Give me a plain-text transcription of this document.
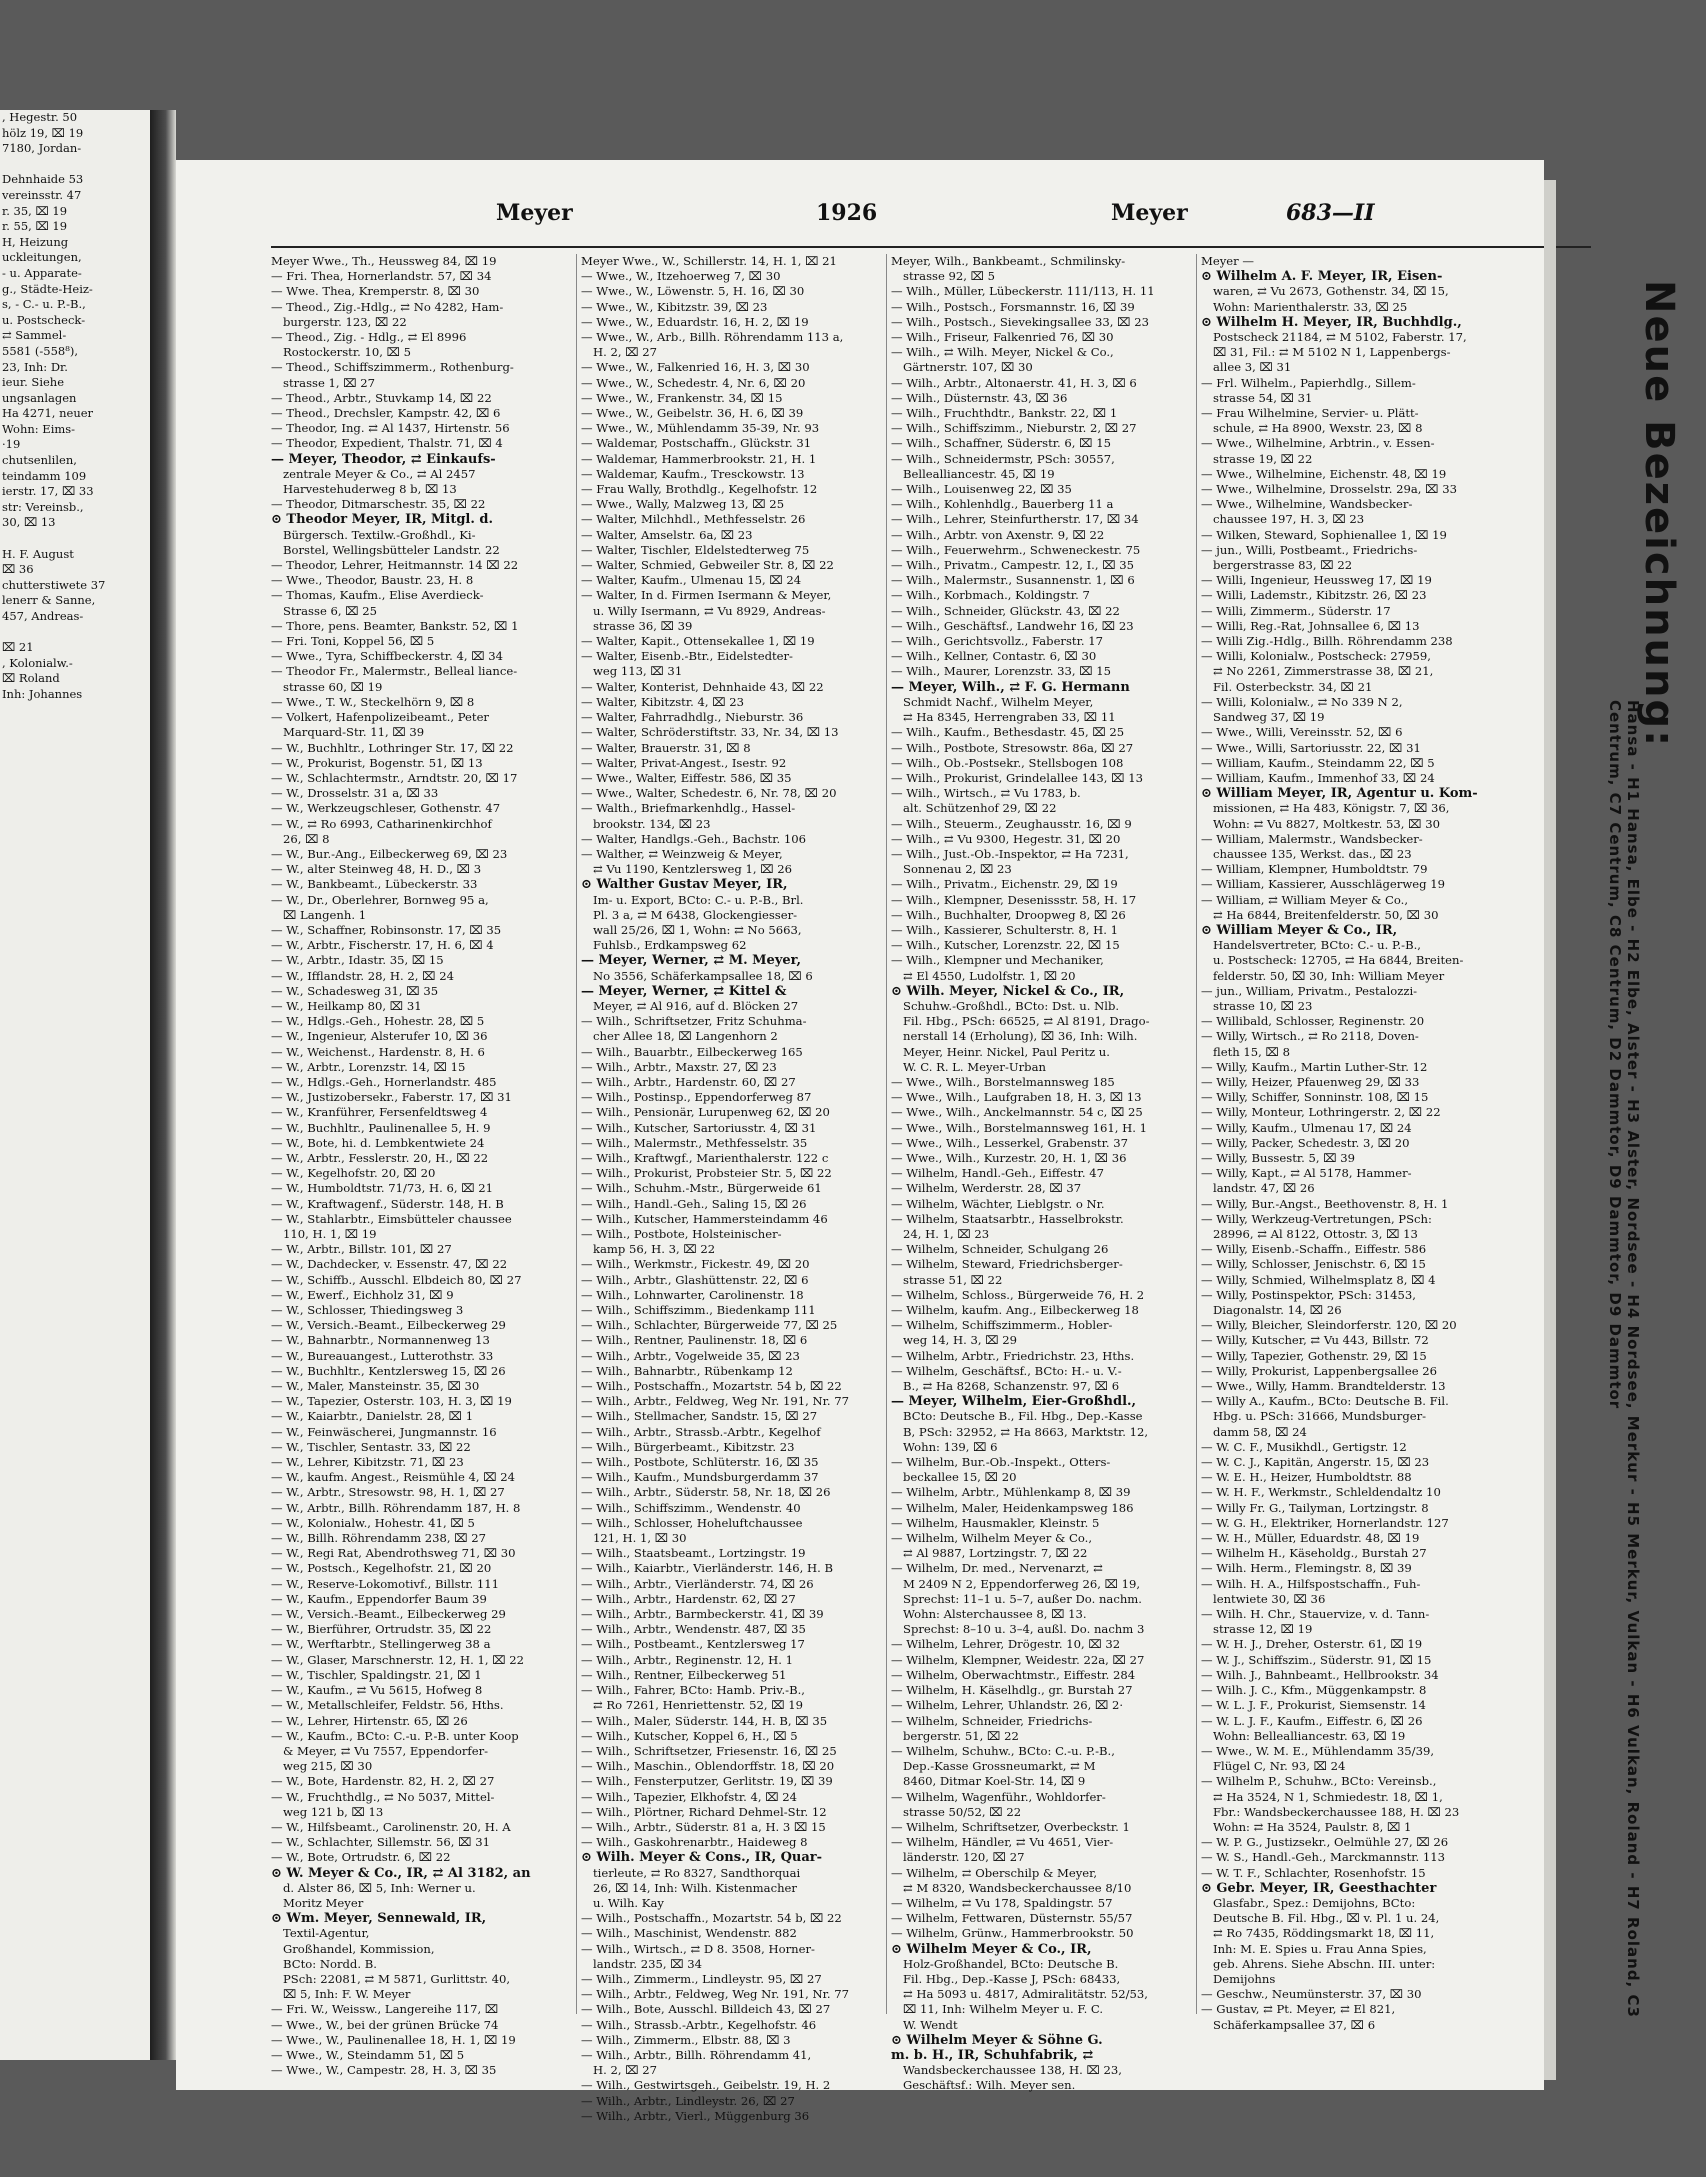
, Hegestr. 50
hölz 19, ⌧ 19
7180, Jordan-

Dehnhaide 53
vereinsstr. 47
r. 35, ⌧ 19
r. 55, ⌧ 19
H, Heizung
uckleitungen,
- u. Apparate-
g., Städte-Heiz-
s, - C.- u. P.-B.,
u. Postscheck-
⇄ Sammel-
5581 (-558⁸),
23, Inh: Dr.
ieur. Siehe
ungsanlagen
Ha 4271, neuer
Wohn: Eims-
·19
chutsenlilen,
teindamm 109
ierstr. 17, ⌧ 33
str: Vereinsb.,
30, ⌧ 13

H. F. August
⌧ 36
chutterstiwete 37
lenerr & Sanne,
457, Andreas-

⌧ 21
, Kolonialw.-
⌧ Roland
Inh: Johannes
Meyer	1926	Meyer	683—II
Meyer Wwe., Th., Heussweg 84, ⌧ 19
— Fri. Thea, Hornerlandstr. 57, ⌧ 34
— Wwe. Thea, Kremperstr. 8, ⌧ 30
— Theod., Zig.-Hdlg., ⇄ No 4282, Ham-
burgerstr. 123, ⌧ 22
— Theod., Zig. - Hdlg., ⇄ El 8996
Rostockerstr. 10, ⌧ 5
— Theod., Schiffszimmerm., Rothenburg-
strasse 1, ⌧ 27
— Theod., Arbtr., Stuvkamp 14, ⌧ 22
— Theod., Drechsler, Kampstr. 42, ⌧ 6
— Theodor, Ing. ⇄ Al 1437, Hirtenstr. 56
— Theodor, Expedient, Thalstr. 71, ⌧ 4
— Meyer, Theodor, ⇄ Einkaufs-
zentrale Meyer & Co., ⇄ Al 2457
Harvestehuderweg 8 b, ⌧ 13
— Theodor, Ditmarschestr. 35, ⌧ 22
⊙ Theodor Meyer, IR, Mitgl. d.
Bürgersch. Textilw.-Großhdl., Ki-
Borstel, Wellingsbütteler Landstr. 22
— Theodor, Lehrer, Heitmannstr. 14 ⌧ 22
— Wwe., Theodor, Baustr. 23, H. 8
— Thomas, Kaufm., Elise Averdieck-
Strasse 6, ⌧ 25
— Thore, pens. Beamter, Bankstr. 52, ⌧ 1
— Fri. Toni, Koppel 56, ⌧ 5
— Wwe., Tyra, Schiffbeckerstr. 4, ⌧ 34
— Theodor Fr., Malermstr., Belleal liance-
strasse 60, ⌧ 19
— Wwe., T. W., Steckelhörn 9, ⌧ 8
— Volkert, Hafenpolizeibeamt., Peter
Marquard-Str. 11, ⌧ 39
— W., Buchhltr., Lothringer Str. 17, ⌧ 22
— W., Prokurist, Bogenstr. 51, ⌧ 13
— W., Schlachtermstr., Arndtstr. 20, ⌧ 17
— W., Drosselstr. 31 a, ⌧ 33
— W., Werkzeugschleser, Gothenstr. 47
— W., ⇄ Ro 6993, Catharinenkirchhof
26, ⌧ 8
— W., Bur.-Ang., Eilbeckerweg 69, ⌧ 23
— W., alter Steinweg 48, H. D., ⌧ 3
— W., Bankbeamt., Lübeckerstr. 33
— W., Dr., Oberlehrer, Bornweg 95 a,
⌧ Langenh. 1
— W., Schaffner, Robinsonstr. 17, ⌧ 35
— W., Arbtr., Fischerstr. 17, H. 6, ⌧ 4
— W., Arbtr., Idastr. 35, ⌧ 15
— W., Ifflandstr. 28, H. 2, ⌧ 24
— W., Schadesweg 31, ⌧ 35
— W., Heilkamp 80, ⌧ 31
— W., Hdlgs.-Geh., Hohestr. 28, ⌧ 5
— W., Ingenieur, Alsterufer 10, ⌧ 36
— W., Weichenst., Hardenstr. 8, H. 6
— W., Arbtr., Lorenzstr. 14, ⌧ 15
— W., Hdlgs.-Geh., Hornerlandstr. 485
— W., Justizobersekr., Faberstr. 17, ⌧ 31
— W., Kranführer, Fersenfeldtsweg 4
— W., Buchhltr., Paulinenallee 5, H. 9
— W., Bote, hi. d. Lembkentwiete 24
— W., Arbtr., Fesslerstr. 20, H., ⌧ 22
— W., Kegelhofstr. 20, ⌧ 20
— W., Humboldtstr. 71/73, H. 6, ⌧ 21
— W., Kraftwagenf., Süderstr. 148, H. B
— W., Stahlarbtr., Eimsbütteler chaussee
110, H. 1, ⌧ 19
— W., Arbtr., Billstr. 101, ⌧ 27
— W., Dachdecker, v. Essenstr. 47, ⌧ 22
— W., Schiffb., Ausschl. Elbdeich 80, ⌧ 27
— W., Ewerf., Eichholz 31, ⌧ 9
— W., Schlosser, Thiedingsweg 3
— W., Versich.-Beamt., Eilbeckerweg 29
— W., Bahnarbtr., Normannenweg 13
— W., Bureauangest., Lutterothstr. 33
— W., Buchhltr., Kentzlersweg 15, ⌧ 26
— W., Maler, Mansteinstr. 35, ⌧ 30
— W., Tapezier, Osterstr. 103, H. 3, ⌧ 19
— W., Kaiarbtr., Danielstr. 28, ⌧ 1
— W., Feinwäscherei, Jungmannstr. 16
— W., Tischler, Sentastr. 33, ⌧ 22
— W., Lehrer, Kibitzstr. 71, ⌧ 23
— W., kaufm. Angest., Reismühle 4, ⌧ 24
— W., Arbtr., Stresowstr. 98, H. 1, ⌧ 27
— W., Arbtr., Billh. Röhrendamm 187, H. 8
— W., Kolonialw., Hohestr. 41, ⌧ 5
— W., Billh. Röhrendamm 238, ⌧ 27
— W., Regi Rat, Abendrothsweg 71, ⌧ 30
— W., Postsch., Kegelhofstr. 21, ⌧ 20
— W., Reserve-Lokomotivf., Billstr. 111
— W., Kaufm., Eppendorfer Baum 39
— W., Versich.-Beamt., Eilbeckerweg 29
— W., Bierführer, Ortrudstr. 35, ⌧ 22
— W., Werftarbtr., Stellingerweg 38 a
— W., Glaser, Marschnerstr. 12, H. 1, ⌧ 22
— W., Tischler, Spaldingstr. 21, ⌧ 1
— W., Kaufm., ⇄ Vu 5615, Hofweg 8
— W., Metallschleifer, Feldstr. 56, Hths.
— W., Lehrer, Hirtenstr. 65, ⌧ 26
— W., Kaufm., BCto: C.-u. P.-B. unter Koop
& Meyer, ⇄ Vu 7557, Eppendorfer-
weg 215, ⌧ 30
— W., Bote, Hardenstr. 82, H. 2, ⌧ 27
— W., Fruchthdlg., ⇄ No 5037, Mittel-
weg 121 b, ⌧ 13
— W., Hilfsbeamt., Carolinenstr. 20, H. A
— W., Schlachter, Sillemstr. 56, ⌧ 31
— W., Bote, Ortrudstr. 6, ⌧ 22
⊙ W. Meyer & Co., IR, ⇄ Al 3182, an
d. Alster 86, ⌧ 5, Inh: Werner u.
Moritz Meyer
⊙ Wm. Meyer, Sennewald, IR,
Textil-Agentur,
Großhandel, Kommission,
BCto: Nordd. B.
PSch: 22081, ⇄ M 5871, Gurlittstr. 40,
⌧ 5, Inh: F. W. Meyer
— Fri. W., Weissw., Langereihe 117, ⌧
— Wwe., W., bei der grünen Brücke 74
— Wwe., W., Paulinenallee 18, H. 1, ⌧ 19
— Wwe., W., Steindamm 51, ⌧ 5
— Wwe., W., Campestr. 28, H. 3, ⌧ 35
Meyer Wwe., W., Schillerstr. 14, H. 1, ⌧ 21
— Wwe., W., Itzehoerweg 7, ⌧ 30
— Wwe., W., Löwenstr. 5, H. 16, ⌧ 30
— Wwe., W., Kibitzstr. 39, ⌧ 23
— Wwe., W., Eduardstr. 16, H. 2, ⌧ 19
— Wwe., W., Arb., Billh. Röhrendamm 113 a,
H. 2, ⌧ 27
— Wwe., W., Falkenried 16, H. 3, ⌧ 30
— Wwe., W., Schedestr. 4, Nr. 6, ⌧ 20
— Wwe., W., Frankenstr. 34, ⌧ 15
— Wwe., W., Geibelstr. 36, H. 6, ⌧ 39
— Wwe., W., Mühlendamm 35-39, Nr. 93
— Waldemar, Postschaffn., Glückstr. 31
— Waldemar, Hammerbrookstr. 21, H. 1
— Waldemar, Kaufm., Tresckowstr. 13
— Frau Wally, Brothdlg., Kegelhofstr. 12
— Wwe., Wally, Malzweg 13, ⌧ 25
— Walter, Milchhdl., Methfesselstr. 26
— Walter, Amselstr. 6a, ⌧ 23
— Walter, Tischler, Eldelstedterweg 75
— Walter, Schmied, Gebweiler Str. 8, ⌧ 22
— Walter, Kaufm., Ulmenau 15, ⌧ 24
— Walter, In d. Firmen Isermann & Meyer,
u. Willy Isermann, ⇄ Vu 8929, Andreas-
strasse 36, ⌧ 39
— Walter, Kapit., Ottensekallee 1, ⌧ 19
— Walter, Eisenb.-Btr., Eidelstedter-
weg 113, ⌧ 31
— Walter, Konterist, Dehnhaide 43, ⌧ 22
— Walter, Kibitzstr. 4, ⌧ 23
— Walter, Fahrradhdlg., Nieburstr. 36
— Walter, Schröderstiftstr. 33, Nr. 34, ⌧ 13
— Walter, Brauerstr. 31, ⌧ 8
— Walter, Privat-Angest., Isestr. 92
— Wwe., Walter, Eiffestr. 586, ⌧ 35
— Wwe., Walter, Schedestr. 6, Nr. 78, ⌧ 20
— Walth., Briefmarkenhdlg., Hassel-
brookstr. 134, ⌧ 23
— Walter, Handlgs.-Geh., Bachstr. 106
— Walther, ⇄ Weinzweig & Meyer,
⇄ Vu 1190, Kentzlersweg 1, ⌧ 26
⊙ Walther Gustav Meyer, IR,
Im- u. Export, BCto: C.- u. P.-B., Brl.
Pl. 3 a, ⇄ M 6438, Glockengiesser-
wall 25/26, ⌧ 1, Wohn: ⇄ No 5663,
Fuhlsb., Erdkampsweg 62
— Meyer, Werner, ⇄ M. Meyer,
No 3556, Schäferkampsallee 18, ⌧ 6
— Meyer, Werner, ⇄ Kittel &
Meyer, ⇄ Al 916, auf d. Blöcken 27
— Wilh., Schriftsetzer, Fritz Schuhma-
cher Allee 18, ⌧ Langenhorn 2
— Wilh., Bauarbtr., Eilbeckerweg 165
— Wilh., Arbtr., Maxstr. 27, ⌧ 23
— Wilh., Arbtr., Hardenstr. 60, ⌧ 27
— Wilh., Postinsp., Eppendorferweg 87
— Wilh., Pensionär, Lurupenweg 62, ⌧ 20
— Wilh., Kutscher, Sartoriusstr. 4, ⌧ 31
— Wilh., Malermstr., Methfesselstr. 35
— Wilh., Kraftwgf., Marienthalerstr. 122 c
— Wilh., Prokurist, Probsteier Str. 5, ⌧ 22
— Wilh., Schuhm.-Mstr., Bürgerweide 61
— Wilh., Handl.-Geh., Saling 15, ⌧ 26
— Wilh., Kutscher, Hammersteindamm 46
— Wilh., Postbote, Holsteinischer-
kamp 56, H. 3, ⌧ 22
— Wilh., Werkmstr., Fickestr. 49, ⌧ 20
— Wilh., Arbtr., Glashüttenstr. 22, ⌧ 6
— Wilh., Lohnwarter, Carolinenstr. 18
— Wilh., Schiffszimm., Biedenkamp 111
— Wilh., Schlachter, Bürgerweide 77, ⌧ 25
— Wilh., Rentner, Paulinenstr. 18, ⌧ 6
— Wilh., Arbtr., Vogelweide 35, ⌧ 23
— Wilh., Bahnarbtr., Rübenkamp 12
— Wilh., Postschaffn., Mozartstr. 54 b, ⌧ 22
— Wilh., Arbtr., Feldweg, Weg Nr. 191, Nr. 77
— Wilh., Stellmacher, Sandstr. 15, ⌧ 27
— Wilh., Arbtr., Strassb.-Arbtr., Kegelhof
— Wilh., Bürgerbeamt., Kibitzstr. 23
— Wilh., Postbote, Schlüterstr. 16, ⌧ 35
— Wilh., Kaufm., Mundsburgerdamm 37
— Wilh., Arbtr., Süderstr. 58, Nr. 18, ⌧ 26
— Wilh., Schiffszimm., Wendenstr. 40
— Wilh., Schlosser, Hoheluftchaussee
121, H. 1, ⌧ 30
— Wilh., Staatsbeamt., Lortzingstr. 19
— Wilh., Kaiarbtr., Vierländerstr. 146, H. B
— Wilh., Arbtr., Vierländerstr. 74, ⌧ 26
— Wilh., Arbtr., Hardenstr. 62, ⌧ 27
— Wilh., Arbtr., Barmbeckerstr. 41, ⌧ 39
— Wilh., Arbtr., Wendenstr. 487, ⌧ 35
— Wilh., Postbeamt., Kentzlersweg 17
— Wilh., Arbtr., Reginenstr. 12, H. 1
— Wilh., Rentner, Eilbeckerweg 51
— Wilh., Fahrer, BCto: Hamb. Priv.-B.,
⇄ Ro 7261, Henriettenstr. 52, ⌧ 19
— Wilh., Maler, Süderstr. 144, H. B, ⌧ 35
— Wilh., Kutscher, Koppel 6, H., ⌧ 5
— Wilh., Schriftsetzer, Friesenstr. 16, ⌧ 25
— Wilh., Maschin., Oblendorffstr. 18, ⌧ 20
— Wilh., Fensterputzer, Gerlitstr. 19, ⌧ 39
— Wilh., Tapezier, Elkhofstr. 4, ⌧ 24
— Wilh., Plörtner, Richard Dehmel-Str. 12
— Wilh., Arbtr., Süderstr. 81 a, H. 3 ⌧ 15
— Wilh., Gaskohrenarbtr., Haideweg 8
⊙ Wilh. Meyer & Cons., IR, Quar-
tierleute, ⇄ Ro 8327, Sandthorquai
26, ⌧ 14, Inh: Wilh. Kistenmacher
u. Wilh. Kay
— Wilh., Postschaffn., Mozartstr. 54 b, ⌧ 22
— Wilh., Maschinist, Wendenstr. 882
— Wilh., Wirtsch., ⇄ D 8. 3508, Horner-
landstr. 235, ⌧ 34
— Wilh., Zimmerm., Lindleystr. 95, ⌧ 27
— Wilh., Arbtr., Feldweg, Weg Nr. 191, Nr. 77
— Wilh., Bote, Ausschl. Billdeich 43, ⌧ 27
— Wilh., Strassb.-Arbtr., Kegelhofstr. 46
— Wilh., Zimmerm., Elbstr. 88, ⌧ 3
— Wilh., Arbtr., Billh. Röhrendamm 41,
H. 2, ⌧ 27
— Wilh., Gestwirtsgeh., Geibelstr. 19, H. 2
— Wilh., Arbtr., Lindleystr. 26, ⌧ 27
— Wilh., Arbtr., Vierl., Müggenburg 36
Meyer, Wilh., Bankbeamt., Schmilinsky-
strasse 92, ⌧ 5
— Wilh., Müller, Lübeckerstr. 111/113, H. 11
— Wilh., Postsch., Forsmannstr. 16, ⌧ 39
— Wilh., Postsch., Sievekingsallee 33, ⌧ 23
— Wilh., Friseur, Falkenried 76, ⌧ 30
— Wilh., ⇄ Wilh. Meyer, Nickel & Co.,
Gärtnerstr. 107, ⌧ 30
— Wilh., Arbtr., Altonaerstr. 41, H. 3, ⌧ 6
— Wilh., Düsternstr. 43, ⌧ 36
— Wilh., Fruchthdtr., Bankstr. 22, ⌧ 1
— Wilh., Schiffszimm., Nieburstr. 2, ⌧ 27
— Wilh., Schaffner, Süderstr. 6, ⌧ 15
— Wilh., Schneidermstr, PSch: 30557,
Bellealliancestr. 45, ⌧ 19
— Wilh., Louisenweg 22, ⌧ 35
— Wilh., Kohlenhdlg., Bauerberg 11 a
— Wilh., Lehrer, Steinfurtherstr. 17, ⌧ 34
— Wilh., Arbtr. von Axenstr. 9, ⌧ 22
— Wilh., Feuerwehrm., Schweneckestr. 75
— Wilh., Privatm., Campestr. 12, I., ⌧ 35
— Wilh., Malermstr., Susannenstr. 1, ⌧ 6
— Wilh., Korbmach., Koldingstr. 7
— Wilh., Schneider, Glückstr. 43, ⌧ 22
— Wilh., Geschäftsf., Landwehr 16, ⌧ 23
— Wilh., Gerichtsvollz., Faberstr. 17
— Wilh., Kellner, Contastr. 6, ⌧ 30
— Wilh., Maurer, Lorenzstr. 33, ⌧ 15
— Meyer, Wilh., ⇄ F. G. Hermann
Schmidt Nachf., Wilhelm Meyer,
⇄ Ha 8345, Herrengraben 33, ⌧ 11
— Wilh., Kaufm., Bethesdastr. 45, ⌧ 25
— Wilh., Postbote, Stresowstr. 86a, ⌧ 27
— Wilh., Ob.-Postsekr., Stellsbogen 108
— Wilh., Prokurist, Grindelallee 143, ⌧ 13
— Wilh., Wirtsch., ⇄ Vu 1783, b.
alt. Schützenhof 29, ⌧ 22
— Wilh., Steuerm., Zeughausstr. 16, ⌧ 9
— Wilh., ⇄ Vu 9300, Hegestr. 31, ⌧ 20
— Wilh., Just.-Ob.-Inspektor, ⇄ Ha 7231,
Sonnenau 2, ⌧ 23
— Wilh., Privatm., Eichenstr. 29, ⌧ 19
— Wilh., Klempner, Desenissstr. 58, H. 17
— Wilh., Buchhalter, Droopweg 8, ⌧ 26
— Wilh., Kassierer, Schulterstr. 8, H. 1
— Wilh., Kutscher, Lorenzstr. 22, ⌧ 15
— Wilh., Klempner und Mechaniker,
⇄ El 4550, Ludolfstr. 1, ⌧ 20
⊙ Wilh. Meyer, Nickel & Co., IR,
Schuhw.-Großhdl., BCto: Dst. u. Nlb.
Fil. Hbg., PSch: 66525, ⇄ Al 8191, Drago-
nerstall 14 (Erholung), ⌧ 36, Inh: Wilh.
Meyer, Heinr. Nickel, Paul Peritz u.
W. C. R. L. Meyer-Urban
— Wwe., Wilh., Borstelmannsweg 185
— Wwe., Wilh., Laufgraben 18, H. 3, ⌧ 13
— Wwe., Wilh., Anckelmannstr. 54 c, ⌧ 25
— Wwe., Wilh., Borstelmannsweg 161, H. 1
— Wwe., Wilh., Lesserkel, Grabenstr. 37
— Wwe., Wilh., Kurzestr. 20, H. 1, ⌧ 36
— Wilhelm, Handl.-Geh., Eiffestr. 47
— Wilhelm, Werderstr. 28, ⌧ 37
— Wilhelm, Wächter, Lieblgstr. o Nr.
— Wilhelm, Staatsarbtr., Hasselbrokstr.
24, H. 1, ⌧ 23
— Wilhelm, Schneider, Schulgang 26
— Wilhelm, Steward, Friedrichsberger-
strasse 51, ⌧ 22
— Wilhelm, Schloss., Bürgerweide 76, H. 2
— Wilhelm, kaufm. Ang., Eilbeckerweg 18
— Wilhelm, Schiffszimmerm., Hobler-
weg 14, H. 3, ⌧ 29
— Wilhelm, Arbtr., Friedrichstr. 23, Hths.
— Wilhelm, Geschäftsf., BCto: H.- u. V.-
B., ⇄ Ha 8268, Schanzenstr. 97, ⌧ 6
— Meyer, Wilhelm, Eier-Großhdl.,
BCto: Deutsche B., Fil. Hbg., Dep.-Kasse
B, PSch: 32952, ⇄ Ha 8663, Marktstr. 12,
Wohn: 139, ⌧ 6
— Wilhelm, Bur.-Ob.-Inspekt., Otters-
beckallee 15, ⌧ 20
— Wilhelm, Arbtr., Mühlenkamp 8, ⌧ 39
— Wilhelm, Maler, Heidenkampsweg 186
— Wilhelm, Hausmakler, Kleinstr. 5
— Wilhelm, Wilhelm Meyer & Co.,
⇄ Al 9887, Lortzingstr. 7, ⌧ 22
— Wilhelm, Dr. med., Nervenarzt, ⇄
M 2409 N 2, Eppendorferweg 26, ⌧ 19,
Sprechst: 11–1 u. 5–7, außer Do. nachm.
Wohn: Alsterchaussee 8, ⌧ 13.
Sprechst: 8–10 u. 3–4, außl. Do. nachm 3
— Wilhelm, Lehrer, Drögestr. 10, ⌧ 32
— Wilhelm, Klempner, Weidestr. 22a, ⌧ 27
— Wilhelm, Oberwachtmstr., Eiffestr. 284
— Wilhelm, H. Käselhdlg., gr. Burstah 27
— Wilhelm, Lehrer, Uhlandstr. 26, ⌧ 2·
— Wilhelm, Schneider, Friedrichs-
bergerstr. 51, ⌧ 22
— Wilhelm, Schuhw., BCto: C.-u. P.-B.,
Dep.-Kasse Grossneumarkt, ⇄ M
8460, Ditmar Koel-Str. 14, ⌧ 9
— Wilhelm, Wagenführ., Wohldorfer-
strasse 50/52, ⌧ 22
— Wilhelm, Schriftsetzer, Overbeckstr. 1
— Wilhelm, Händler, ⇄ Vu 4651, Vier-
länderstr. 120, ⌧ 27
— Wilhelm, ⇄ Oberschilp & Meyer,
⇄ M 8320, Wandsbeckerchaussee 8/10
— Wilhelm, ⇄ Vu 178, Spaldingstr. 57
— Wilhelm, Fettwaren, Düsternstr. 55/57
— Wilhelm, Grünw., Hammerbrookstr. 50
⊙ Wilhelm Meyer & Co., IR,
Holz-Großhandel, BCto: Deutsche B.
Fil. Hbg., Dep.-Kasse J, PSch: 68433,
⇄ Ha 5093 u. 4817, Admiralitätstr. 52/53,
⌧ 11, Inh: Wilhelm Meyer u. F. C.
W. Wendt
⊙ Wilhelm Meyer & Söhne G.
m. b. H., IR, Schuhfabrik, ⇄
Wandsbeckerchaussee 138, H. ⌧ 23,
Geschäftsf.: Wilh. Meyer sen.
Meyer —
⊙ Wilhelm A. F. Meyer, IR, Eisen-
waren, ⇄ Vu 2673, Gothenstr. 34, ⌧ 15,
Wohn: Marienthalerstr. 33, ⌧ 25
⊙ Wilhelm H. Meyer, IR, Buchhdlg.,
Postscheck 21184, ⇄ M 5102, Faberstr. 17,
⌧ 31, Fil.: ⇄ M 5102 N 1, Lappenbergs-
allee 3, ⌧ 31
— Frl. Wilhelm., Papierhdlg., Sillem-
strasse 54, ⌧ 31
— Frau Wilhelmine, Servier- u. Plätt-
schule, ⇄ Ha 8900, Wexstr. 23, ⌧ 8
— Wwe., Wilhelmine, Arbtrin., v. Essen-
strasse 19, ⌧ 22
— Wwe., Wilhelmine, Eichenstr. 48, ⌧ 19
— Wwe., Wilhelmine, Drosselstr. 29a, ⌧ 33
— Wwe., Wilhelmine, Wandsbecker-
chaussee 197, H. 3, ⌧ 23
— Wilken, Steward, Sophienallee 1, ⌧ 19
— jun., Willi, Postbeamt., Friedrichs-
bergerstrasse 83, ⌧ 22
— Willi, Ingenieur, Heussweg 17, ⌧ 19
— Willi, Lademstr., Kibitzstr. 26, ⌧ 23
— Willi, Zimmerm., Süderstr. 17
— Willi, Reg.-Rat, Johnsallee 6, ⌧ 13
— Willi Zig.-Hdlg., Billh. Röhrendamm 238
— Willi, Kolonialw., Postscheck: 27959,
⇄ No 2261, Zimmerstrasse 38, ⌧ 21,
Fil. Osterbeckstr. 34, ⌧ 21
— Willi, Kolonialw., ⇄ No 339 N 2,
Sandweg 37, ⌧ 19
— Wwe., Willi, Vereinsstr. 52, ⌧ 6
— Wwe., Willi, Sartoriusstr. 22, ⌧ 31
— William, Kaufm., Steindamm 22, ⌧ 5
— William, Kaufm., Immenhof 33, ⌧ 24
⊙ William Meyer, IR, Agentur u. Kom-
missionen, ⇄ Ha 483, Königstr. 7, ⌧ 36,
Wohn: ⇄ Vu 8827, Moltkestr. 53, ⌧ 30
— William, Malermstr., Wandsbecker-
chaussee 135, Werkst. das., ⌧ 23
— William, Klempner, Humboldtstr. 79
— William, Kassierer, Ausschlägerweg 19
— William, ⇄ William Meyer & Co.,
⇄ Ha 6844, Breitenfelderstr. 50, ⌧ 30
⊙ William Meyer & Co., IR,
Handelsvertreter, BCto: C.- u. P.-B.,
u. Postscheck: 12705, ⇄ Ha 6844, Breiten-
felderstr. 50, ⌧ 30, Inh: William Meyer
— jun., William, Privatm., Pestalozzi-
strasse 10, ⌧ 23
— Willibald, Schlosser, Reginenstr. 20
— Willy, Wirtsch., ⇄ Ro 2118, Doven-
fleth 15, ⌧ 8
— Willy, Kaufm., Martin Luther-Str. 12
— Willy, Heizer, Pfauenweg 29, ⌧ 33
— Willy, Schiffer, Sonninstr. 108, ⌧ 15
— Willy, Monteur, Lothringerstr. 2, ⌧ 22
— Willy, Kaufm., Ulmenau 17, ⌧ 24
— Willy, Packer, Schedestr. 3, ⌧ 20
— Willy, Bussestr. 5, ⌧ 39
— Willy, Kapt., ⇄ Al 5178, Hammer-
landstr. 47, ⌧ 26
— Willy, Bur.-Angst., Beethovenstr. 8, H. 1
— Willy, Werkzeug-Vertretungen, PSch:
28996, ⇄ Al 8122, Ottostr. 3, ⌧ 13
— Willy, Eisenb.-Schaffn., Eiffestr. 586
— Willy, Schlosser, Jenischstr. 6, ⌧ 15
— Willy, Schmied, Wilhelmsplatz 8, ⌧ 4
— Willy, Postinspektor, PSch: 31453,
Diagonalstr. 14, ⌧ 26
— Willy, Bleicher, Sleindorferstr. 120, ⌧ 20
— Willy, Kutscher, ⇄ Vu 443, Billstr. 72
— Willy, Tapezier, Gothenstr. 29, ⌧ 15
— Willy, Prokurist, Lappenbergsallee 26
— Wwe., Willy, Hamm. Brandtelderstr. 13
— Willy A., Kaufm., BCto: Deutsche B. Fil.
Hbg. u. PSch: 31666, Mundsburger-
damm 58, ⌧ 24
— W. C. F., Musikhdl., Gertigstr. 12
— W. C. J., Kapitän, Angerstr. 15, ⌧ 23
— W. E. H., Heizer, Humboldtstr. 88
— W. H. F., Werkmstr., Schleldendaltz 10
— Willy Fr. G., Tailyman, Lortzingstr. 8
— W. G. H., Elektriker, Hornerlandstr. 127
— W. H., Müller, Eduardstr. 48, ⌧ 19
— Wilhelm H., Käseholdg., Burstah 27
— Wilh. Herm., Flemingstr. 8, ⌧ 39
— Wilh. H. A., Hilfspostschaffn., Fuh-
lentwiete 30, ⌧ 36
— Wilh. H. Chr., Stauervize, v. d. Tann-
strasse 12, ⌧ 19
— W. H. J., Dreher, Osterstr. 61, ⌧ 19
— W. J., Schiffszim., Süderstr. 91, ⌧ 15
— Wilh. J., Bahnbeamt., Hellbrookstr. 34
— Wilh. J. C., Kfm., Müggenkampstr. 8
— W. L. J. F., Prokurist, Siemsenstr. 14
— W. L. J. F., Kaufm., Eiffestr. 6, ⌧ 26
Wohn: Bellealliancestr. 63, ⌧ 19
— Wwe., W. M. E., Mühlendamm 35/39,
Flügel C, Nr. 93, ⌧ 24
— Wilhelm P., Schuhw., BCto: Vereinsb.,
⇄ Ha 3524, N 1, Schmiedestr. 18, ⌧ 1,
Fbr.: Wandsbeckerchaussee 188, H. ⌧ 23
Wohn: ⇄ Ha 3524, Paulstr. 8, ⌧ 1
— W. P. G., Justizsekr., Oelmühle 27, ⌧ 26
— W. S., Handl.-Geh., Marckmannstr. 113
— W. T. F., Schlachter, Rosenhofstr. 15
⊙ Gebr. Meyer, IR, Geesthachter
Glasfabr., Spez.: Demijohns, BCto:
Deutsche B. Fil. Hbg., ⌧ v. Pl. 1 u. 24,
⇄ Ro 7435, Röddingsmarkt 18, ⌧ 11,
Inh: M. E. Spies u. Frau Anna Spies,
geb. Ahrens. Siehe Abschn. III. unter:
Demijohns
— Geschw., Neumünsterstr. 37, ⌧ 30
— Gustav, ⇄ Pt. Meyer, ⇄ El 821,
Schäferkampsallee 37, ⌧ 6
Neue Bezeichnung:
Hansa - H1 Hansa, Elbe - H2 Elbe, Alster - H3 Alster, Nordsee - H4 Nordsee, Merkur - H5 Merkur, Vulkan - H6 Vulkan, Roland - H7 Roland, C3 Centrum, C7 Centrum, C8 Centrum, D2 Dammtor, D9 Dammtor, D9 Dammtor
